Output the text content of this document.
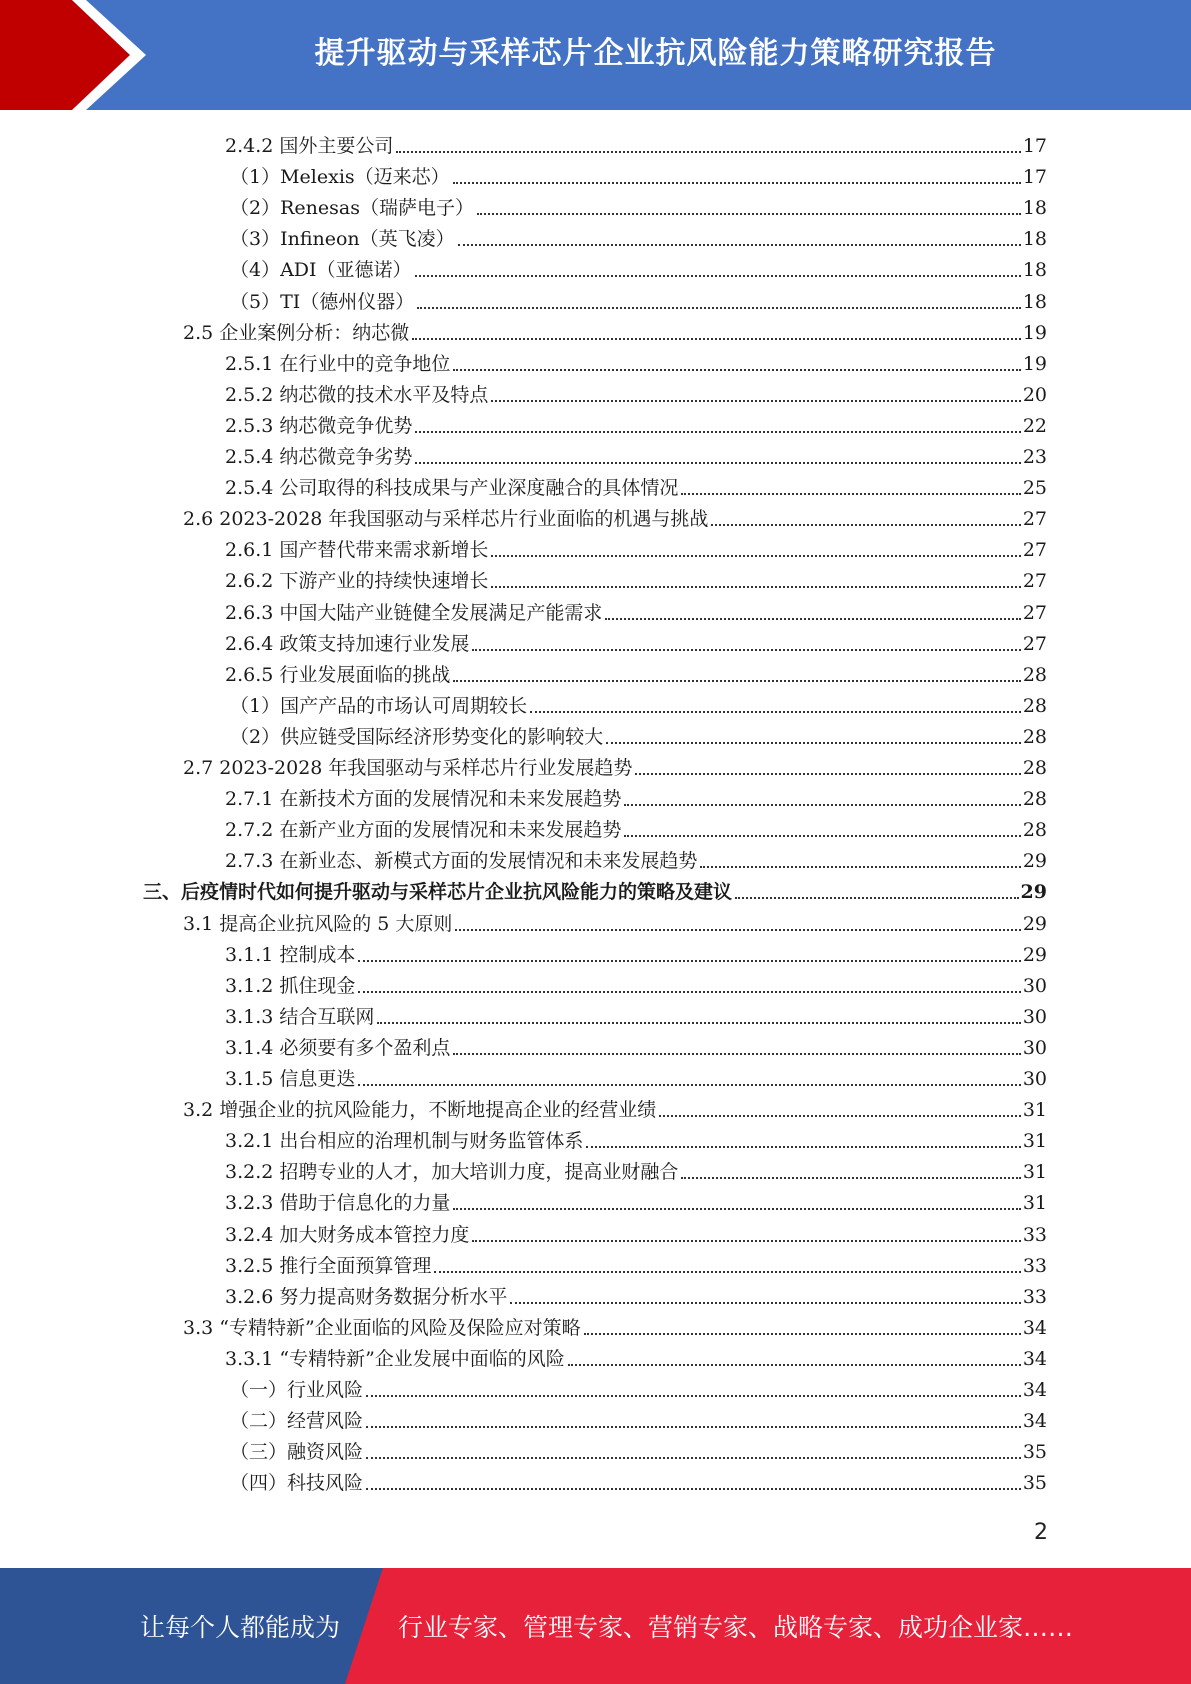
提升驱动与采样芯片企业抗风险能力策略研究报告
2.4.2 国外主要公司	17
（1）Melexis（迈来芯）	17
（2）Renesas（瑞萨电子）	18
（3）Infineon（英飞凌）	18
（4）ADI（亚德诺）	18
（5）TI（德州仪器）	18
2.5 企业案例分析：纳芯微	19
2.5.1 在行业中的竞争地位	19
2.5.2 纳芯微的技术水平及特点	20
2.5.3 纳芯微竞争优势	22
2.5.4 纳芯微竞争劣势	23
2.5.4 公司取得的科技成果与产业深度融合的具体情况	25
2.6 2023-2028 年我国驱动与采样芯片行业面临的机遇与挑战	27
2.6.1 国产替代带来需求新增长	27
2.6.2 下游产业的持续快速增长	27
2.6.3 中国大陆产业链健全发展满足产能需求	27
2.6.4 政策支持加速行业发展	27
2.6.5 行业发展面临的挑战	28
（1）国产产品的市场认可周期较长	28
（2）供应链受国际经济形势变化的影响较大	28
2.7 2023-2028 年我国驱动与采样芯片行业发展趋势	28
2.7.1 在新技术方面的发展情况和未来发展趋势	28
2.7.2 在新产业方面的发展情况和未来发展趋势	28
2.7.3 在新业态、新模式方面的发展情况和未来发展趋势	29
三、后疫情时代如何提升驱动与采样芯片企业抗风险能力的策略及建议	29
3.1 提高企业抗风险的 5 大原则	29
3.1.1 控制成本	29
3.1.2 抓住现金	30
3.1.3 结合互联网	30
3.1.4 必须要有多个盈利点	30
3.1.5 信息更迭	30
3.2 增强企业的抗风险能力，不断地提高企业的经营业绩	31
3.2.1 出台相应的治理机制与财务监管体系	31
3.2.2 招聘专业的人才，加大培训力度，提高业财融合	31
3.2.3 借助于信息化的力量	31
3.2.4 加大财务成本管控力度	33
3.2.5 推行全面预算管理	33
3.2.6 努力提高财务数据分析水平	33
3.3 “专精特新”企业面临的风险及保险应对策略	34
3.3.1 “专精特新”企业发展中面临的风险	34
（一）行业风险	34
（二）经营风险	34
（三）融资风险	35
（四）科技风险	35
2
让每个人都能成为 行业专家、管理专家、营销专家、战略专家、成功企业家……
